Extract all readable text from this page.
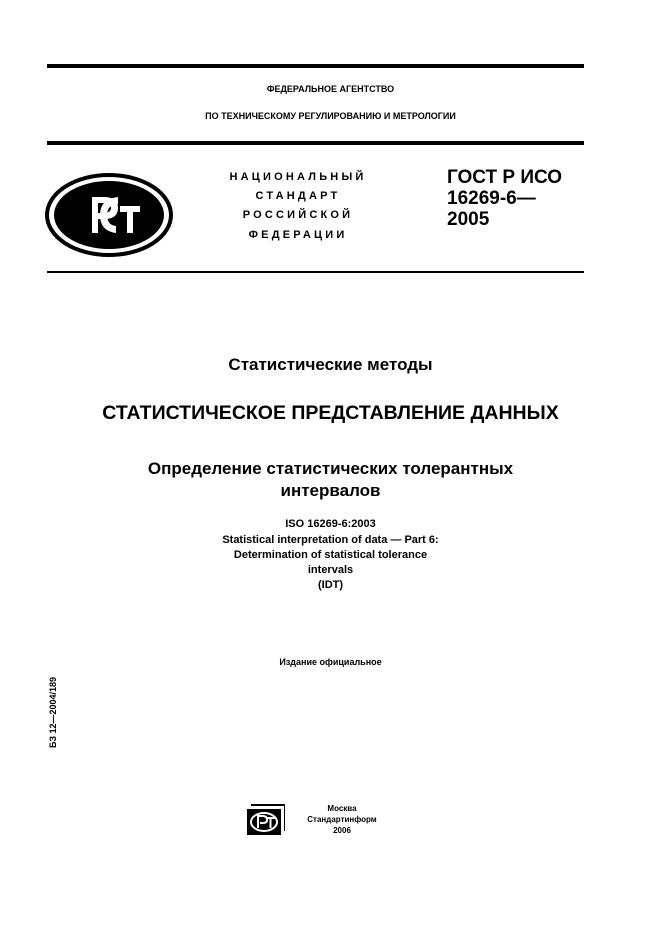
ФЕДЕРАЛЬНОЕ АГЕНТСТВО
ПО ТЕХНИЧЕСКОМУ РЕГУЛИРОВАНИЮ И МЕТРОЛОГИИ
НАЦИОНАЛЬНЫЙ
СТАНДАРТ
РОССИЙСКОЙ
ФЕДЕРАЦИИ
ГОСТ Р ИСО
16269-6—
2005
Статистические методы
СТАТИСТИЧЕСКОЕ ПРЕДСТАВЛЕНИЕ ДАННЫХ
Определение статистических толерантных
интервалов
ISO 16269-6:2003
Statistical interpretation of data — Part 6:
Determination of statistical tolerance
intervals
(IDT)
Издание официальное
БЗ 12—2004/189
Москва
Стандартинформ
2006
